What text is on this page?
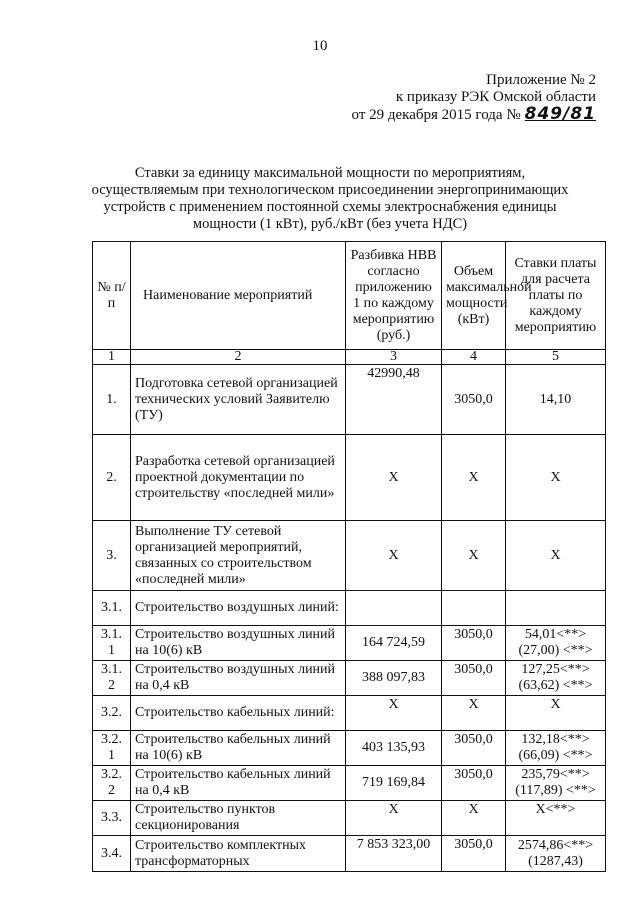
10
Приложение № 2
к приказу РЭК Омской области
от 29 декабря 2015 года № 849/81
Ставки за единицу максимальной мощности по мероприятиям,
осуществляемым при технологическом присоединении энергопринимающих
устройств с применением постоянной схемы электроснабжения единицы
мощности (1 кВт), руб./кВт (без учета НДС)
№ п/п	Наименование мероприятий	Разбивка НВВ согласно приложению 1 по каждому мероприятию (руб.)	Объем максимальной мощности (кВт)	Ставки платы для расчета платы по каждому мероприятию
1	2	3	4	5
1.	Подготовка сетевой организацией технических условий Заявителю (ТУ)	42990,48	3050,0	14,10
2.	Разработка сетевой организацией проектной документации по строительству «последней мили»	X	X	X
3.	Выполнение ТУ сетевой организацией мероприятий, связанных со строительством «последней мили»	X	X	X
3.1.	Строительство воздушных линий:			
3.1. 1	Строительство воздушных линий на 10(6) кВ	164 724,59	3050,0	54,01<**>
(27,00) <**>

3.1. 2	Строительство воздушных линий на 0,4 кВ	388 097,83	3050,0	127,25<**>
(63,62) <**>

3.2.	Строительство кабельных линий:	X	X	X
3.2. 1	Строительство кабельных линий на 10(6) кВ	403 135,93	3050,0	132,18<**>
(66,09) <**>

3.2. 2	Строительство кабельных линий на 0,4 кВ	719 169,84	3050,0	235,79<**>
(117,89) <**>

3.3.	Строительство пунктов секционирования	X	X	X<**>
3.4.	Строительство комплектных трансформаторных	7 853 323,00	3050,0	2574,86<**>
(1287,43)
